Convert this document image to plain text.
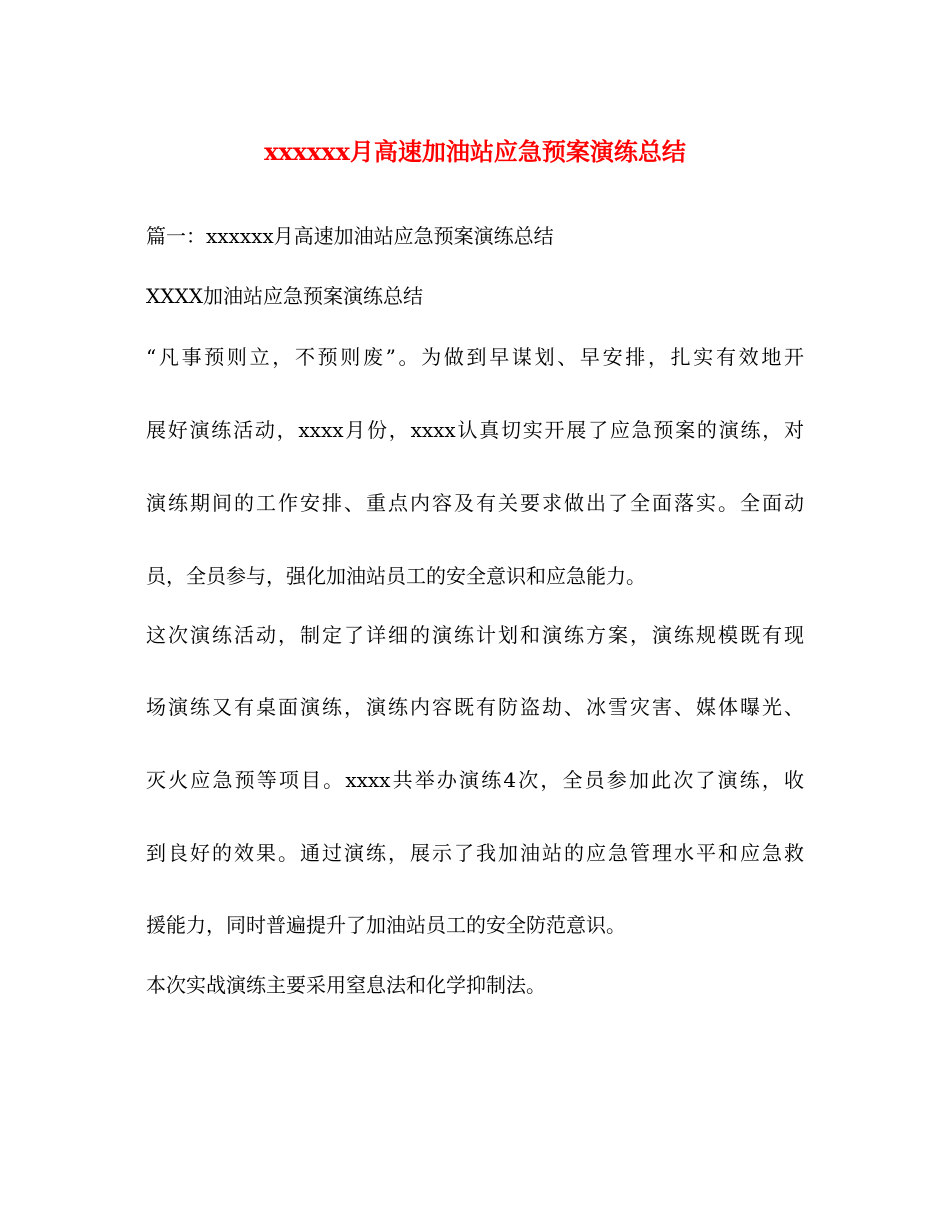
xxxxxx月高速加油站应急预案演练总结
篇一：xxxxxx月高速加油站应急预案演练总结
XXXX加油站应急预案演练总结
“凡事预则立，不预则废”。为做到早谋划、早安排，扎实有效地开
展好演练活动，xxxx月份，xxxx认真切实开展了应急预案的演练，对
演练期间的工作安排、重点内容及有关要求做出了全面落实。全面动
员，全员参与，强化加油站员工的安全意识和应急能力。
这次演练活动，制定了详细的演练计划和演练方案，演练规模既有现
场演练又有桌面演练，演练内容既有防盗劫、冰雪灾害、媒体曝光、
灭火应急预等项目。xxxx共举办演练4次，全员参加此次了演练，收
到良好的效果。通过演练，展示了我加油站的应急管理水平和应急救
援能力，同时普遍提升了加油站员工的安全防范意识。
本次实战演练主要采用窒息法和化学抑制法。
